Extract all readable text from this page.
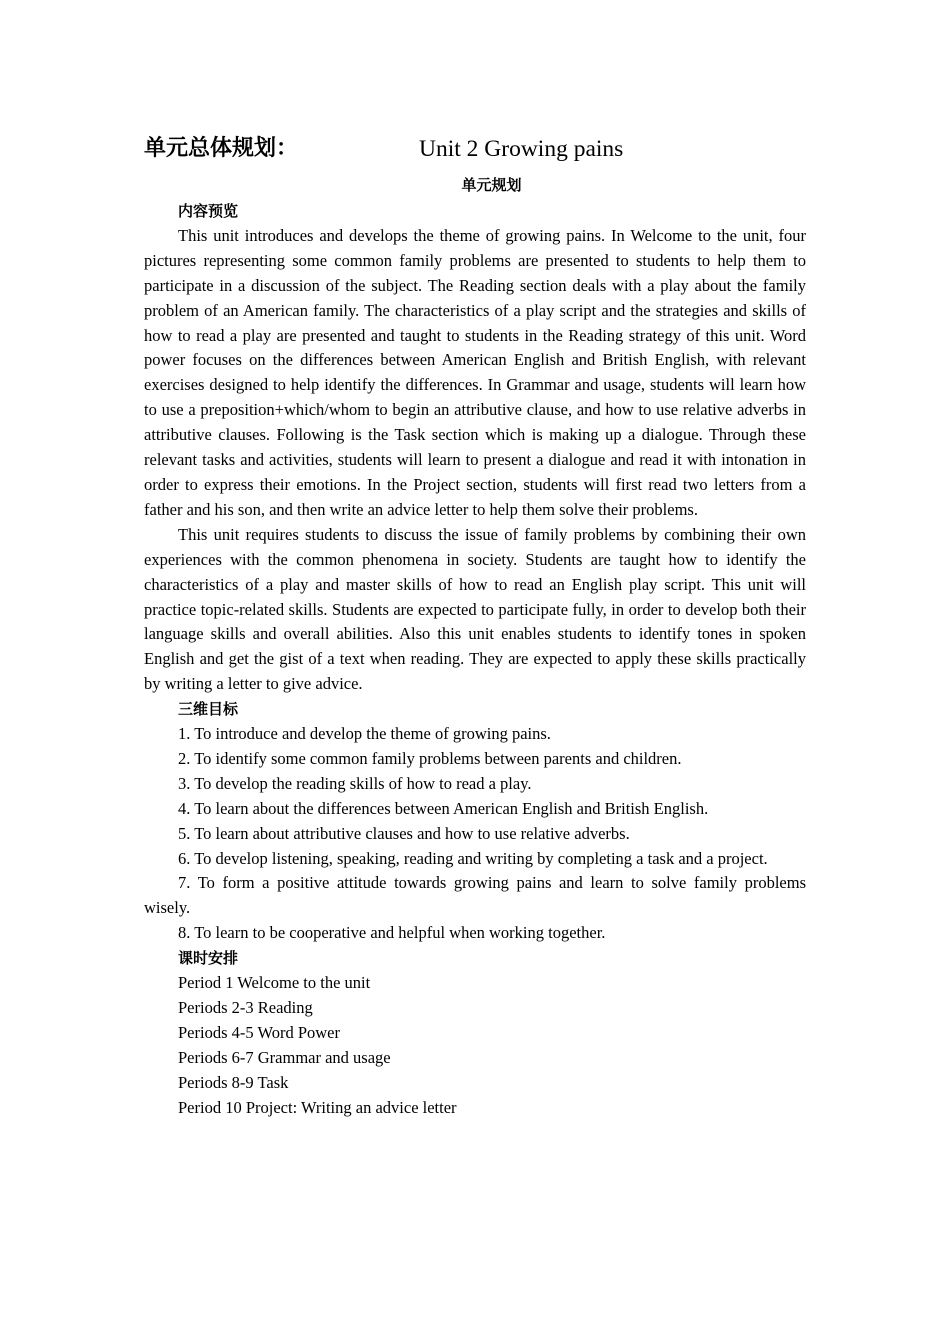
单元总体规划：	Unit 2 Growing pains
单元规划
内容预览

This unit introduces and develops the theme of growing pains. In Welcome to the unit, four pictures representing some common family problems are presented to students to help them to participate in a discussion of the subject. The Reading section deals with a play about the family problem of an American family. The characteristics of a play script and the strategies and skills of how to read a play are presented and taught to students in the Reading strategy of this unit. Word power focuses on the differences between American English and British English, with relevant exercises designed to help identify the differences. In Grammar and usage, students will learn how to use a preposition+which/whom to begin an attributive clause, and how to use relative adverbs in attributive clauses. Following is the Task section which is making up a dialogue. Through these relevant tasks and activities, students will learn to present a dialogue and read it with intonation in order to express their emotions. In the Project section, students will first read two letters from a father and his son, and then write an advice letter to help them solve their problems.

This unit requires students to discuss the issue of family problems by combining their own experiences with the common phenomena in society. Students are taught how to identify the characteristics of a play and master skills of how to read an English play script. This unit will practice topic-related skills. Students are expected to participate fully, in order to develop both their language skills and overall abilities. Also this unit enables students to identify tones in spoken English and get the gist of a text when reading. They are expected to apply these skills practically by writing a letter to give advice.

三维目标

1. To introduce and develop the theme of growing pains.

2. To identify some common family problems between parents and children.

3. To develop the reading skills of how to read a play.

4. To learn about the differences between American English and British English.

5. To learn about attributive clauses and how to use relative adverbs.

6. To develop listening, speaking, reading and writing by completing a task and a project.

7. To form a positive attitude towards growing pains and learn to solve family problems wisely.

8. To learn to be cooperative and helpful when working together.

课时安排

Period 1 Welcome to the unit

Periods 2-3 Reading

Periods 4-5 Word Power

Periods 6-7 Grammar and usage

Periods 8-9 Task

Period 10 Project: Writing an advice letter
